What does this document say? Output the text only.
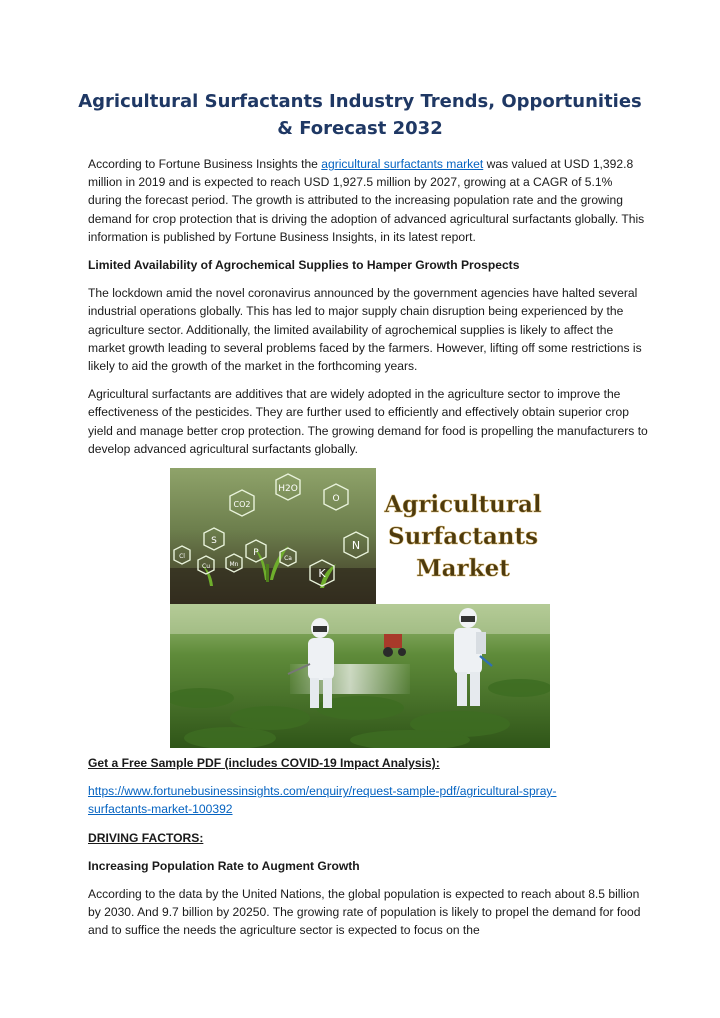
Agricultural Surfactants Industry Trends, Opportunities & Forecast 2032

According to Fortune Business Insights the agricultural surfactants market was valued at USD 1,392.8 million in 2019 and is expected to reach USD 1,927.5 million by 2027, growing at a CAGR of 5.1% during the forecast period. The growth is attributed to the increasing population rate and the growing demand for crop protection that is driving the adoption of advanced agricultural surfactants globally. This information is published by Fortune Business Insights, in its latest report.

Limited Availability of Agrochemical Supplies to Hamper Growth Prospects

The lockdown amid the novel coronavirus announced by the government agencies have halted several industrial operations globally. This has led to major supply chain disruption being experienced by the agriculture sector. Additionally, the limited availability of agrochemical supplies is likely to affect the market growth leading to several problems faced by the farmers. However, lifting off some restrictions is likely to aid the growth of the market in the forthcoming years.

Agricultural surfactants are additives that are widely adopted in the agriculture sector to improve the effectiveness of the pesticides. They are further used to efficiently and effectively obtain superior crop yield and manage better crop protection. The growing demand for food is propelling the manufacturers to develop advanced agricultural surfactants globally.

H2O
CO2
O
S
P
N
K
Cl
Cu	Mn
Ca
Agricultural
Surfactants
Market

Get a Free Sample PDF (includes COVID-19 Impact Analysis):

https://www.fortunebusinessinsights.com/enquiry/request-sample-pdf/agricultural-spray-
surfactants-market-100392

DRIVING FACTORS:

Increasing Population Rate to Augment Growth

According to the data by the United Nations, the global population is expected to reach about 8.5 billion by 2030. And 9.7 billion by 20250. The growing rate of population is likely to propel the demand for food and to suffice the needs the agriculture sector is expected to focus on the
